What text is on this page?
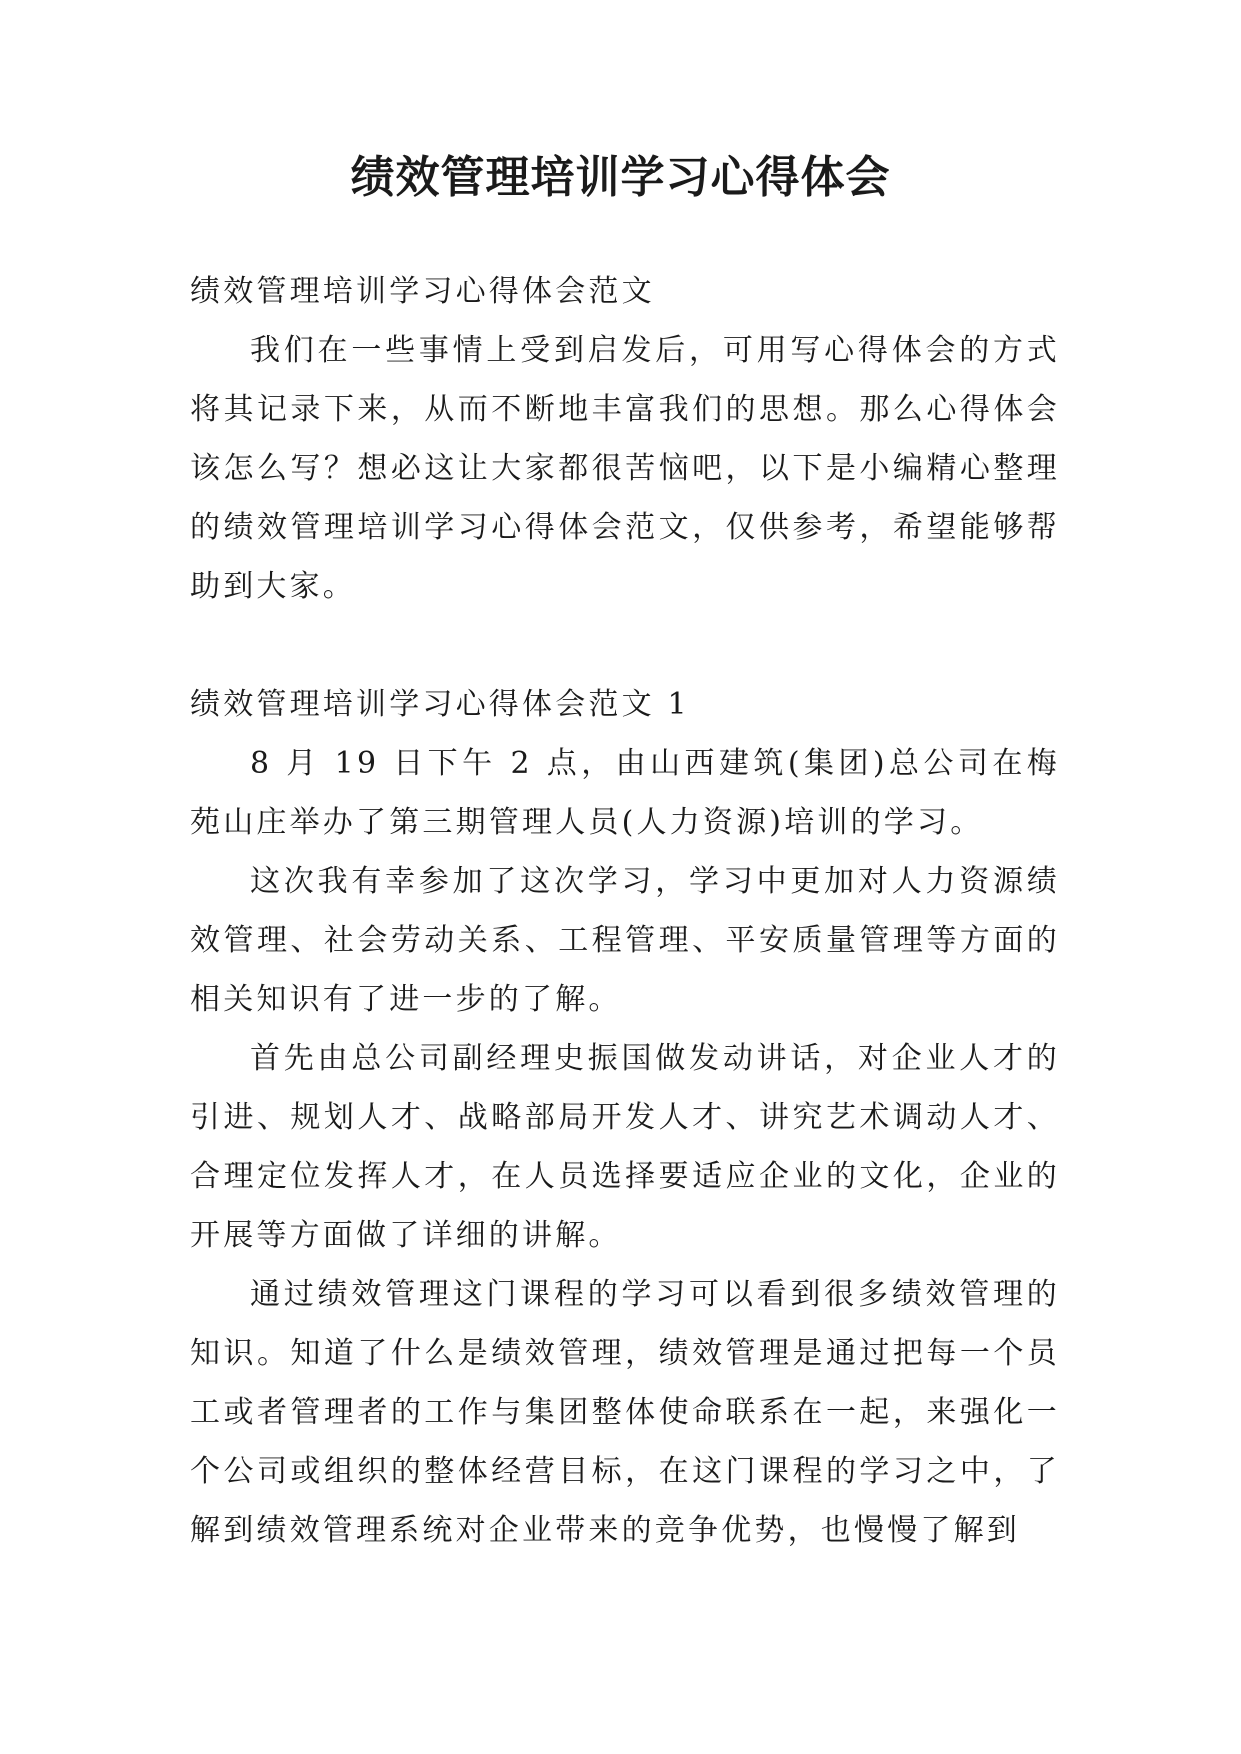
绩效管理培训学习心得体会

绩效管理培训学习心得体会范文

我们在一些事情上受到启发后，可用写心得体会的方式将其记录下来，从而不断地丰富我们的思想。那么心得体会该怎么写？想必这让大家都很苦恼吧，以下是小编精心整理的绩效管理培训学习心得体会范文，仅供参考，希望能够帮助到大家。

绩效管理培训学习心得体会范文 1

8 月 19 日下午 2 点，由山西建筑(集团)总公司在梅苑山庄举办了第三期管理人员(人力资源)培训的学习。

这次我有幸参加了这次学习，学习中更加对人力资源绩效管理、社会劳动关系、工程管理、平安质量管理等方面的相关知识有了进一步的了解。

首先由总公司副经理史振国做发动讲话，对企业人才的引进、规划人才、战略部局开发人才、讲究艺术调动人才、合理定位发挥人才，在人员选择要适应企业的文化，企业的开展等方面做了详细的讲解。

通过绩效管理这门课程的学习可以看到很多绩效管理的知识。知道了什么是绩效管理，绩效管理是通过把每一个员工或者管理者的工作与集团整体使命联系在一起，来强化一个公司或组织的整体经营目标，在这门课程的学习之中，了解到绩效管理系统对企业带来的竞争优势，也慢慢了解到
